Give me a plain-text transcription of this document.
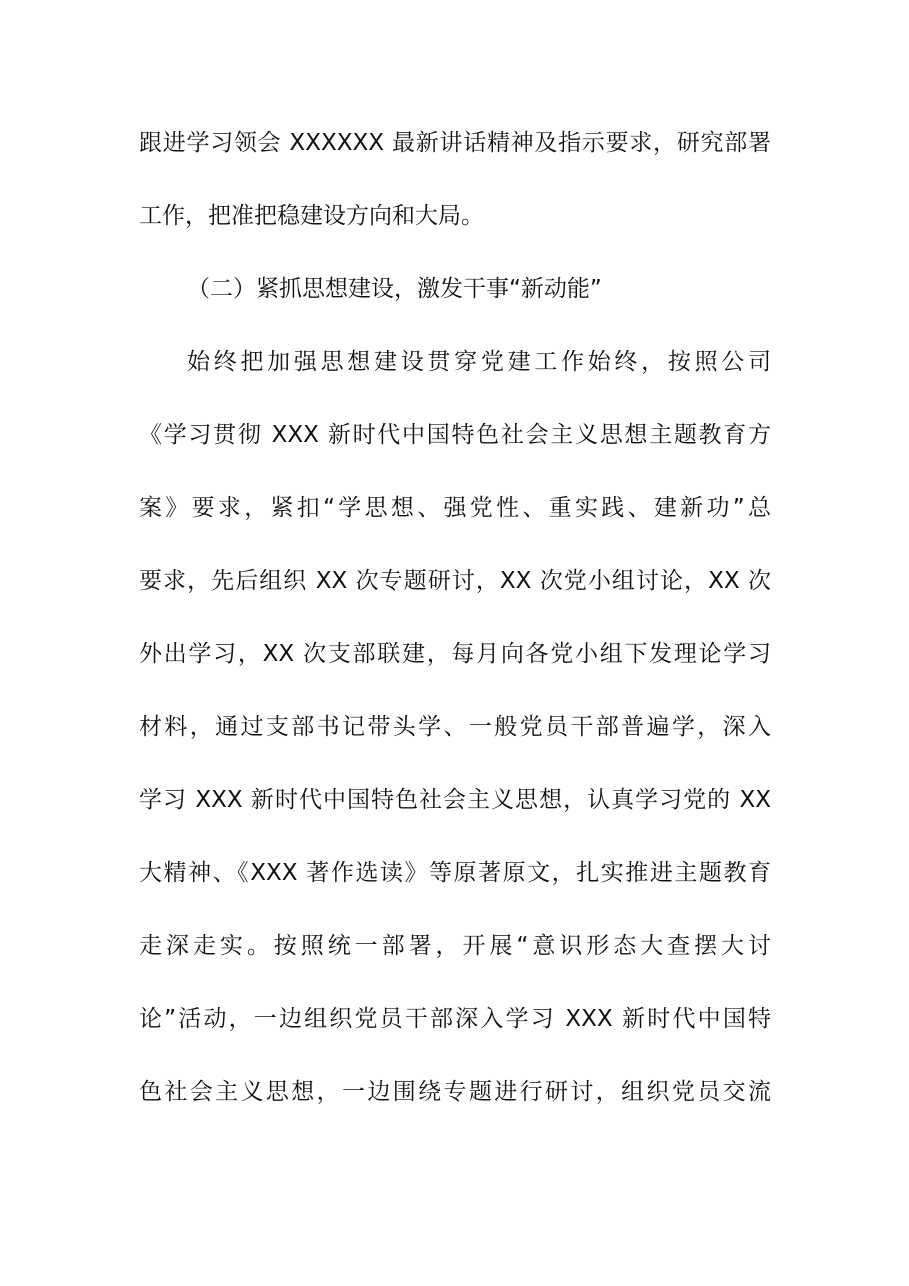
跟进学习领会 XXXXXX 最新讲话精神及指示要求，研究部署
工作，把准把稳建设方向和大局。
（二）紧抓思想建设，激发干事“新动能”
始终把加强思想建设贯穿党建工作始终，按照公司
《学习贯彻 XXX 新时代中国特色社会主义思想主题教育方
案》要求，紧扣“学思想、强党性、重实践、建新功”总
要求，先后组织 XX 次专题研讨，XX 次党小组讨论，XX 次
外出学习，XX 次支部联建，每月向各党小组下发理论学习
材料，通过支部书记带头学、一般党员干部普遍学，深入
学习 XXX 新时代中国特色社会主义思想，认真学习党的 XX
大精神、《XXX 著作选读》等原著原文，扎实推进主题教育
走深走实。按照统一部署，开展“意识形态大查摆大讨
论”活动，一边组织党员干部深入学习 XXX 新时代中国特
色社会主义思想，一边围绕专题进行研讨，组织党员交流
